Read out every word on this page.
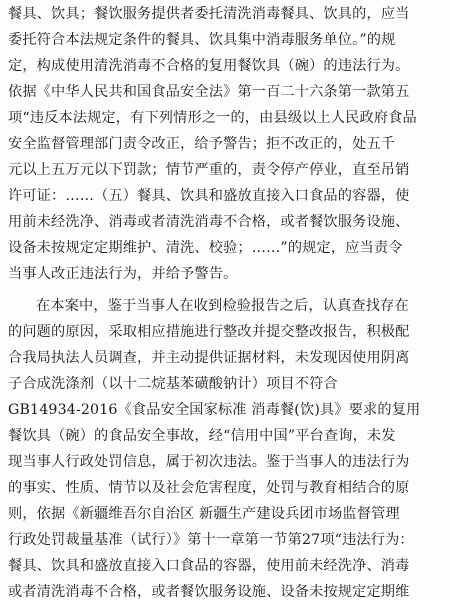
餐具、饮具；餐饮服务提供者委托清洗消毒餐具、饮具的，应当
委托符合本法规定条件的餐具、饮具集中消毒服务单位。”的规
定，构成使用清洗消毒不合格的复用餐饮具（碗）的违法行为。
依据《中华人民共和国食品安全法》第一百二十六条第一款第五
项“违反本法规定，有下列情形之一的，由县级以上人民政府食品
安全监督管理部门责令改正，给予警告；拒不改正的，处五千
元以上五万元以下罚款；情节严重的，责令停产停业，直至吊销
许可证：……（五）餐具、饮具和盛放直接入口食品的容器，使
用前未经洗净、消毒或者清洗消毒不合格，或者餐饮服务设施、
设备未按规定定期维护、清洗、校验；……”的规定，应当责令
当事人改正违法行为，并给予警告。
在本案中，鉴于当事人在收到检验报告之后，认真查找存在
的问题的原因，采取相应措施进行整改并提交整改报告，积极配
合我局执法人员调查，并主动提供证据材料，未发现因使用阴离
子合成洗涤剂（以十二烷基苯磺酸钠计）项目不符合
GB14934-2016《食品安全国家标准 消毒餐(饮)具》要求的复用
餐饮具（碗）的食品安全事故，经“信用中国”平台查询，未发
现当事人行政处罚信息，属于初次违法。鉴于当事人的违法行为
的事实、性质、情节以及社会危害程度，处罚与教育相结合的原
则，依据《新疆维吾尔自治区 新疆生产建设兵团市场监督管理
行政处罚裁量基准（试行）》第十一章第一节第27项“违法行为：
餐具、饮具和盛放直接入口食品的容器，使用前未经洗净、消毒
或者清洗消毒不合格，或者餐饮服务设施、设备未按规定定期维
